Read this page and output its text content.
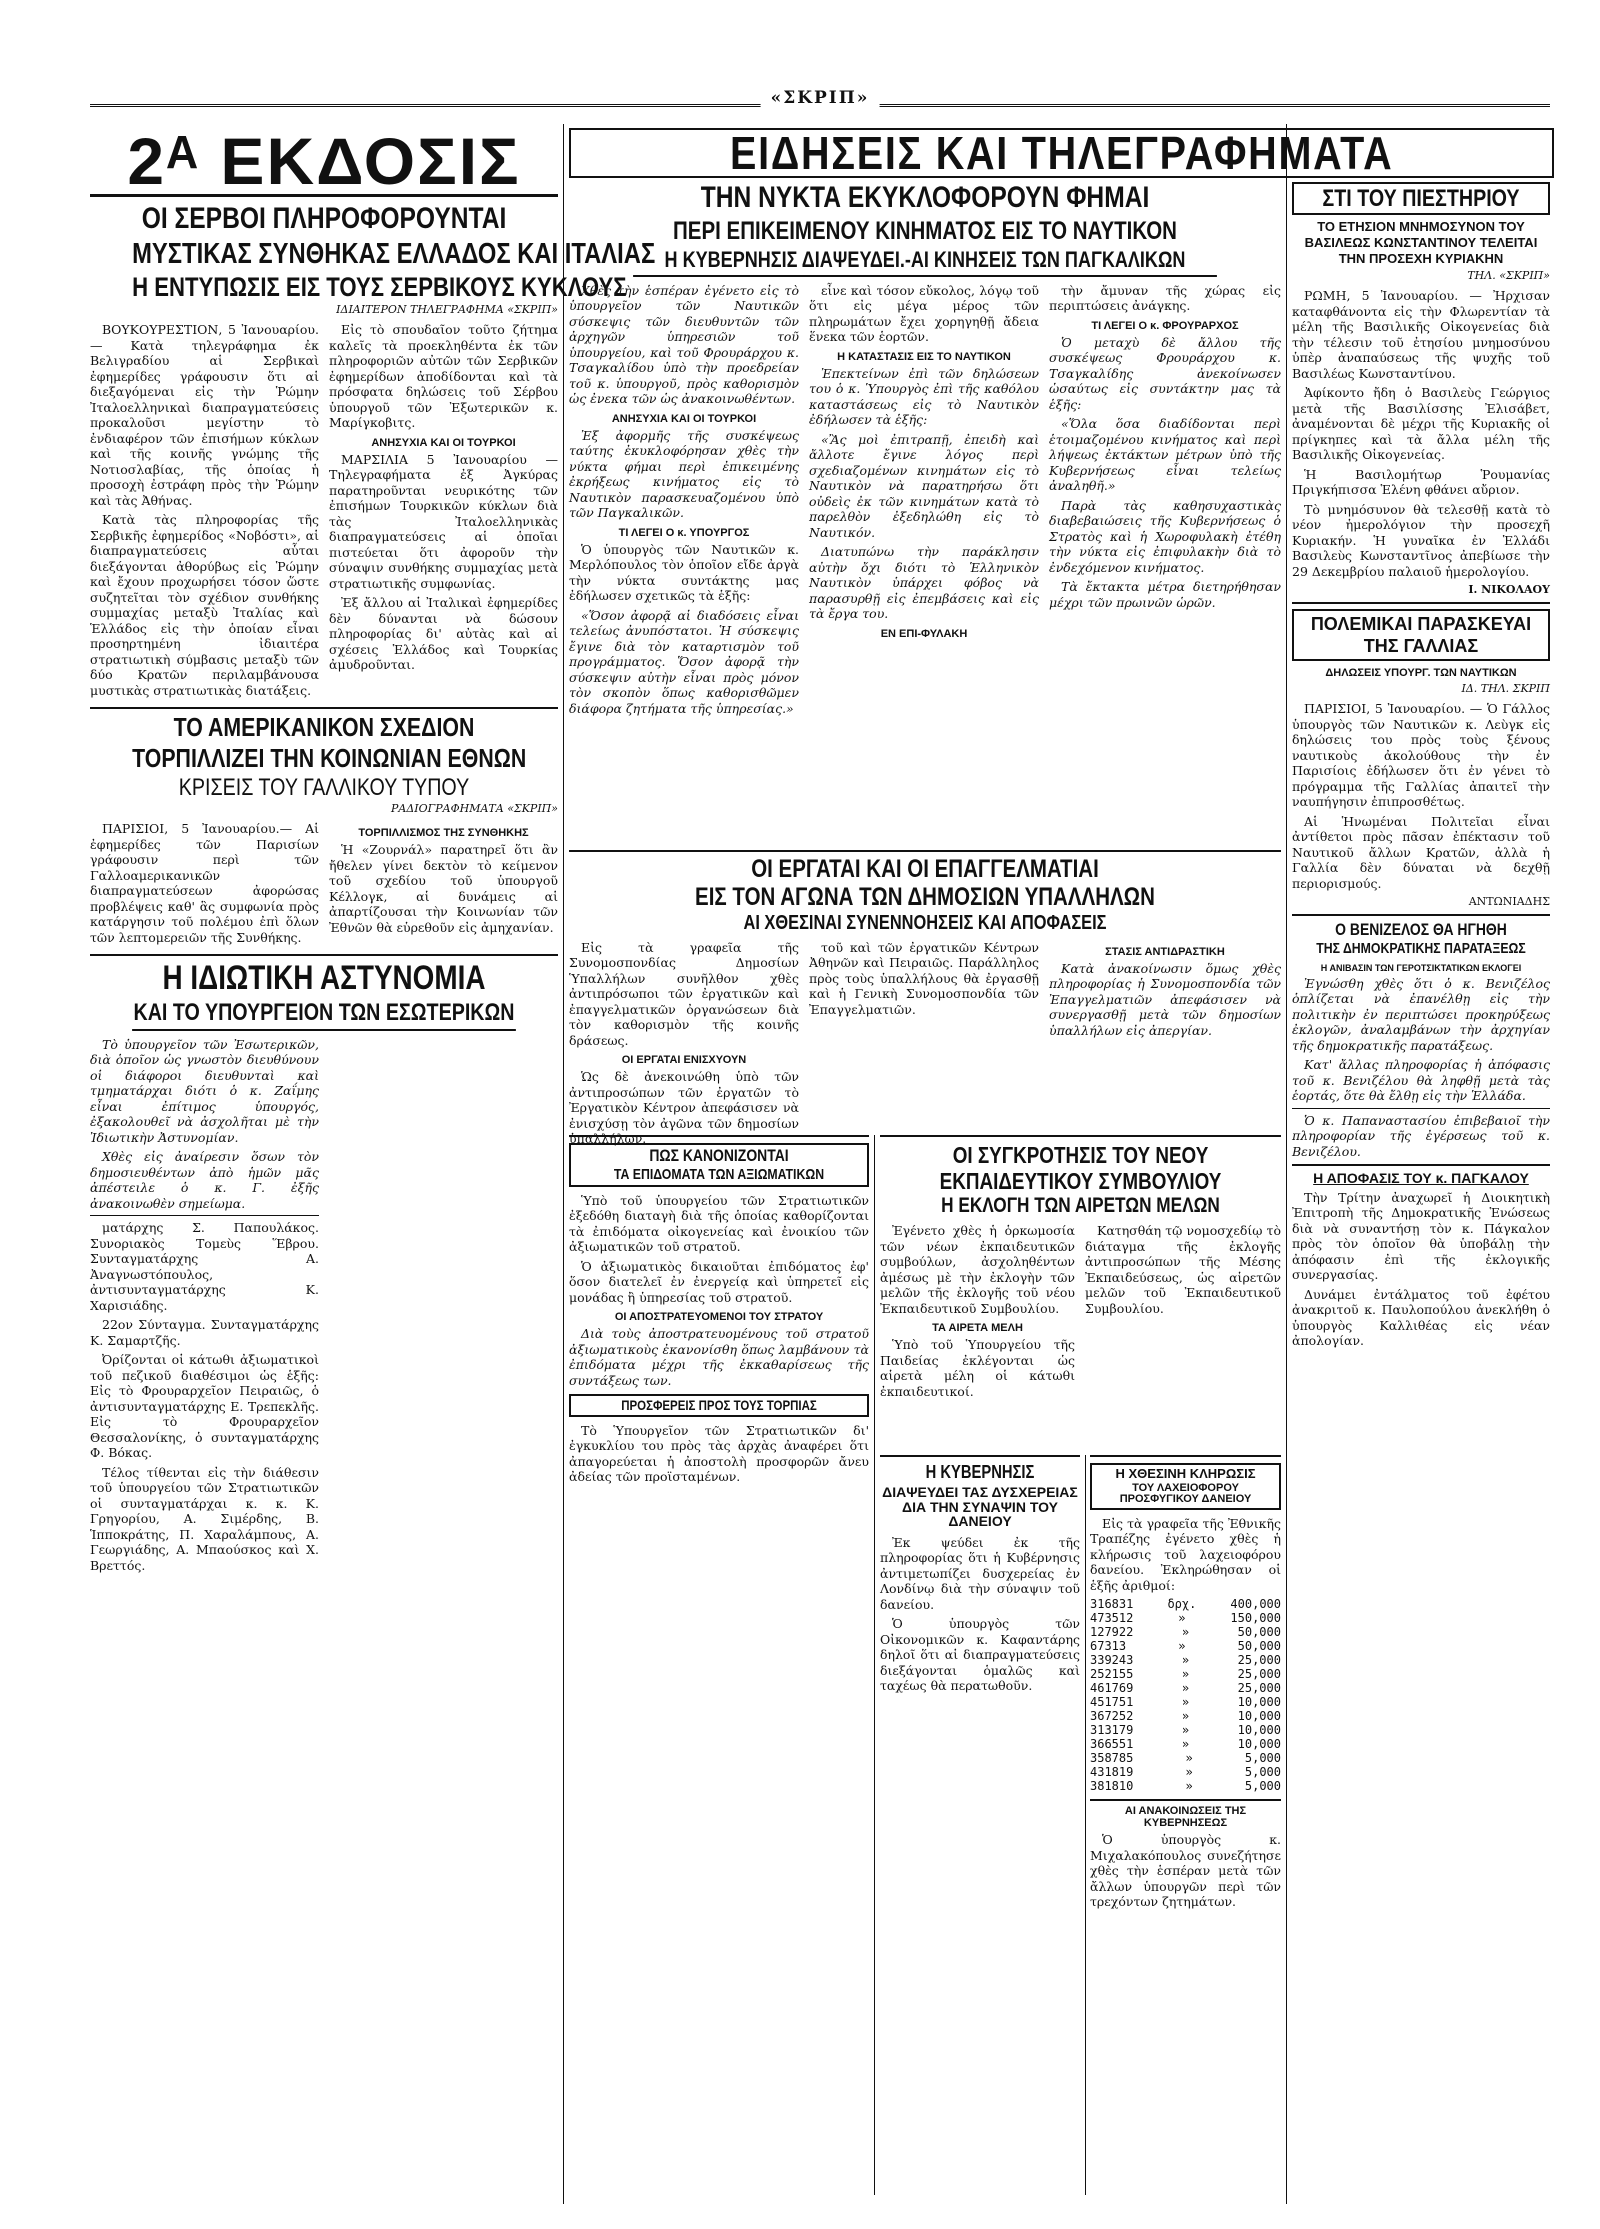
«ΣΚΡΙΠ»
2ᴬ ΕΚΔΟΣΙΣ
ΟΙ ΣΕΡΒΟΙ ΠΛΗΡΟΦΟΡΟΥΝΤΑΙ
ΜΥΣΤΙΚΑΣ ΣΥΝΘΗΚΑΣ ΕΛΛΑΔΟΣ ΚΑΙ ΙΤΑΛΙΑΣ
Η ΕΝΤΥΠΩΣΙΣ ΕΙΣ ΤΟΥΣ ΣΕΡΒΙΚΟΥΣ ΚΥΚΛΟΥΣ
ΙΔΙΑΙΤΕΡΟΝ ΤΗΛΕΓΡΑΦΗΜΑ «ΣΚΡΙΠ»

ΒΟΥΚΟΥΡΕΣΤΙΟΝ, 5 Ἰανουαρίου. — Κατὰ τηλεγράφημα ἐκ Βελιγραδίου αἱ Σερβικαὶ ἐφημερίδες γράφουσιν ὅτι αἱ διεξαγόμεναι εἰς τὴν Ῥώμην Ἰταλοελληνικαὶ διαπραγματεύσεις προκαλοῦσι μεγίστην τὸ ἐνδιαφέρον τῶν ἐπισήμων κύκλων καὶ τῆς κοινῆς γνώμης τῆς Νοτιοσλαβίας, τῆς ὁποίας ἡ προσοχὴ ἐστράφη πρὸς τὴν Ῥώμην καὶ τὰς Ἀθήνας.

Κατὰ τὰς πληροφορίας τῆς Σερβικῆς ἐφημερίδος «Νοβόστι», αἱ διαπραγματεύσεις αὗται διεξάγονται ἀθορύβως εἰς Ῥώμην καὶ ἔχουν προχωρήσει τόσον ὥστε συζητεῖται τὸν σχέδιον συνθήκης συμμαχίας μεταξὺ Ἰταλίας καὶ Ἑλλάδος εἰς τὴν ὁποίαν εἶναι προσηρτημένη ἰδιαιτέρα στρατιωτικὴ σύμβασις μεταξὺ τῶν δύο Κρατῶν περιλαμβάνουσα μυστικὰς στρατιωτικὰς διατάξεις.

Εἰς τὸ σπουδαῖον τοῦτο ζήτημα καλεῖς τὰ προεκληθέντα ἐκ τῶν πληροφοριῶν αὐτῶν τῶν Σερβικῶν ἐφημερίδων ἀποδίδονται καὶ τὰ πρόσφατα δηλώσεις τοῦ Σέρβου ὑπουργοῦ τῶν Ἐξωτερικῶν κ. Μαρίγκοβιτς.

ΑΝΗΣΥΧΙΑ ΚΑΙ ΟΙ ΤΟΥΡΚΟΙ

ΜΑΡΣΙΛΙΑ 5 Ἰανουαρίου — Τηλεγραφήματα ἐξ Ἀγκύρας παρατηροῦνται νευρικότης τῶν ἐπισήμων Τουρκικῶν κύκλων διὰ τὰς Ἰταλοελληνικὰς διαπραγματεύσεις αἱ ὁποῖαι πιστεύεται ὅτι ἀφοροῦν τὴν σύναψιν συνθήκης συμμαχίας μετὰ στρατιωτικῆς συμφωνίας.

Ἐξ ἄλλου αἱ Ἰταλικαὶ ἐφημερίδες δὲν δύνανται νὰ δώσουν πληροφορίας δι' αὐτὰς καὶ αἱ σχέσεις Ἑλλάδος καὶ Τουρκίας ἀμυδροῦνται.

ΤΟ ΑΜΕΡΙΚΑΝΙΚΟΝ ΣΧΕΔΙΟΝ
ΤΟΡΠΙΛΛΙΖΕΙ ΤΗΝ ΚΟΙΝΩΝΙΑΝ ΕΘΝΩΝ
ΚΡΙΣΕΙΣ ΤΟΥ ΓΑΛΛΙΚΟΥ ΤΥΠΟΥ
ΡΑΔΙΟΓΡΑΦΗΜΑΤΑ «ΣΚΡΙΠ»

ΠΑΡΙΣΙΟΙ, 5 Ἰανουαρίου.— Αἱ ἐφημερίδες τῶν Παρισίων γράφουσιν περὶ τῶν Γαλλοαμερικανικῶν διαπραγματεύσεων ἀφορώσας προβλέψεις καθ' ἃς συμφωνία πρὸς κατάργησιν τοῦ πολέμου ἐπὶ ὅλων τῶν λεπτομερειῶν τῆς Συνθήκης.

ΤΟΡΠΙΛΛΙΣΜΟΣ ΤΗΣ ΣΥΝΘΗΚΗΣ

Ἡ «Ζουρνάλ» παρατηρεῖ ὅτι ἂν ἤθελεν γίνει δεκτὸν τὸ κείμενον τοῦ σχεδίου τοῦ ὑπουργοῦ Κέλλογκ, αἱ δυνάμεις αἱ ἀπαρτίζουσαι τὴν Κοινωνίαν τῶν Ἐθνῶν θὰ εὑρεθοῦν εἰς ἀμηχανίαν.

Η ΙΔΙΩΤΙΚΗ ΑΣΤΥΝΟΜΙΑ
ΚΑΙ ΤΟ ΥΠΟΥΡΓΕΙΟΝ ΤΩΝ ΕΣΩΤΕΡΙΚΩΝ

Τὸ ὑπουργεῖον τῶν Ἐσωτερικῶν, διὰ ὁποῖον ὡς γνωστὸν διευθύνουν οἱ διάφοροι διευθυνταὶ καὶ τμηματάρχαι διότι ὁ κ. Ζαΐμης εἶναι ἐπίτιμος ὑπουργός, ἐξακολουθεῖ νὰ ἀσχολῆται μὲ τὴν Ἰδιωτικὴν Ἀστυνομίαν.

Χθὲς εἰς ἀναίρεσιν ὅσων τὸν δημοσιευθέντων ἀπὸ ἡμῶν μᾶς ἀπέστειλε ὁ κ. Γ. ἐξῆς ἀνακοινωθὲν σημείωμα.

ματάρχης Σ. Παπουλάκος. Συνοριακὸς Τομεὺς Ἕβρου. Συνταγματάρχης Α. Ἀναγνωστόπουλος, ἀντισυνταγματάρχης Κ. Χαρισιάδης.

22ον Σύνταγμα. Συνταγματάρχης Κ. Σαμαρτζῆς.

Ὀρίζονται οἱ κάτωθι ἀξιωματικοὶ τοῦ πεζικοῦ διαθέσιμοι ὡς ἑξῆς: Εἰς τὸ Φρουραρχεῖον Πειραιῶς, ὁ ἀντισυνταγματάρχης Ε. Τρεπεκλῆς. Εἰς τὸ Φρουραρχεῖον Θεσσαλονίκης, ὁ συνταγματάρχης Φ. Βόκας.

Τέλος τίθενται εἰς τὴν διάθεσιν τοῦ ὑπουργείου τῶν Στρατιωτικῶν οἱ συνταγματάρχαι κ. κ. Κ. Γρηγορίου, Α. Σιμέρδης, Β. Ἱπποκράτης, Π. Χαραλάμπους, Α. Γεωργιάδης, Α. Μπαούσκος καὶ Χ. Βρεττός.

ΕΙΔΗΣΕΙΣ ΚΑΙ ΤΗΛΕΓΡΑΦΗΜΑΤΑ
ΤΗΝ ΝΥΚΤΑ ΕΚΥΚΛΟΦΟΡΟΥΝ ΦΗΜΑΙ
ΠΕΡΙ ΕΠΙΚΕΙΜΕΝΟΥ ΚΙΝΗΜΑΤΟΣ ΕΙΣ ΤΟ ΝΑΥΤΙΚΟΝ
Η ΚΥΒΕΡΝΗΣΙΣ ΔΙΑΨΕΥΔΕΙ.-ΑΙ ΚΙΝΗΣΕΙΣ ΤΩΝ ΠΑΓΚΑΛΙΚΩΝ

Χθὲς τὴν ἑσπέραν ἐγένετο εἰς τὸ ὑπουργεῖον τῶν Ναυτικῶν σύσκεψις τῶν διευθυντῶν τῶν ἀρχηγῶν ὑπηρεσιῶν τοῦ ὑπουργείου, καὶ τοῦ Φρουράρχου κ. Τσαγκαλίδου ὑπὸ τὴν προεδρείαν τοῦ κ. ὑπουργοῦ, πρὸς καθορισμὸν ὡς ἐνεκα τῶν ὡς ἀνακοινωθέντων.

ΑΝΗΣΥΧΙΑ ΚΑΙ ΟΙ ΤΟΥΡΚΟΙ

Ἐξ ἀφορμῆς τῆς συσκέψεως ταύτης ἐκυκλοφόρησαν χθὲς τὴν νύκτα φήμαι περὶ ἐπικειμένης ἐκρήξεως κινήματος εἰς τὸ Ναυτικὸν παρασκευαζομένου ὑπὸ τῶν Παγκαλικῶν.

ΤΙ ΛΕΓΕΙ Ο κ. ΥΠΟΥΡΓΟΣ

Ὁ ὑπουργὸς τῶν Ναυτικῶν κ. Μερλόπουλος τὸν ὁποῖον εἴδε ἀργὰ τὴν νύκτα συντάκτης μας ἐδήλωσεν σχετικῶς τὰ ἑξῆς:

«Ὅσον ἀφορᾷ αἱ διαδόσεις εἶναι τελείως ἀνυπόστατοι. Ἡ σύσκεψις ἔγινε διὰ τὸν καταρτισμὸν τοῦ προγράμματος. Ὅσον ἀφορᾷ τὴν σύσκεψιν αὐτὴν εἶναι πρὸς μόνον τὸν σκοπὸν ὅπως καθορισθῶμεν διάφορα ζητήματα τῆς ὑπηρεσίας.»

εἶνε καὶ τόσον εὔκολος, λόγῳ τοῦ ὅτι εἰς μέγα μέρος τῶν πληρωμάτων ἔχει χορηγηθῇ ἄδεια ἕνεκα τῶν ἑορτῶν.

Η ΚΑΤΑΣΤΑΣΙΣ ΕΙΣ ΤΟ ΝΑΥΤΙΚΟΝ

Ἐπεκτείνων ἐπὶ τῶν δηλώσεων του ὁ κ. Ὑπουργὸς ἐπὶ τῆς καθόλου καταστάσεως εἰς τὸ Ναυτικὸν ἐδήλωσεν τὰ ἑξῆς:

«Ἂς μοὶ ἐπιτραπῇ, ἐπειδὴ καὶ ἄλλοτε ἔγινε λόγος περὶ σχεδιαζομένων κινημάτων εἰς τὸ Ναυτικὸν νὰ παρατηρήσω ὅτι οὐδεὶς ἐκ τῶν κινημάτων κατὰ τὸ παρελθὸν ἐξεδηλώθη εἰς τὸ Ναυτικόν.

Διατυπώνω τὴν παράκλησιν αὐτὴν ὄχι διότι τὸ Ἑλληνικὸν Ναυτικὸν ὑπάρχει φόβος νὰ παρασυρθῇ εἰς ἐπεμβάσεις καὶ εἰς τὰ ἔργα του.

ΕΝ ΕΠΙ-ΦΥΛΑΚΗ

τὴν ἄμυναν τῆς χώρας εἰς περιπτώσεις ἀνάγκης.

ΤΙ ΛΕΓΕΙ Ο κ. ΦΡΟΥΡΑΡΧΟΣ

Ὁ μεταχὺ δὲ ἄλλου τῆς συσκέψεως Φρουράρχου κ. Τσαγκαλίδης ἀνεκοίνωσεν ὡσαύτως εἰς συντάκτην μας τὰ ἑξῆς:

«Ὅλα ὅσα διαδίδονται περὶ ἑτοιμαζομένου κινήματος καὶ περὶ λήψεως ἐκτάκτων μέτρων ὑπὸ τῆς Κυβερνήσεως εἶναι τελείως ἀναληθῆ.»

Παρὰ τὰς καθησυχαστικὰς διαβεβαιώσεις τῆς Κυβερνήσεως ὁ Στρατὸς καὶ ἡ Χωροφυλακὴ ἐτέθη τὴν νύκτα εἰς ἐπιφυλακὴν διὰ τὸ ἐνδεχόμενον κινήματος.

Τὰ ἔκτακτα μέτρα διετηρήθησαν μέχρι τῶν πρωινῶν ὡρῶν.

ΟΙ ΕΡΓΑΤΑΙ ΚΑΙ ΟΙ ΕΠΑΓΓΕΛΜΑΤΙΑΙ
ΕΙΣ ΤΟΝ ΑΓΩΝΑ ΤΩΝ ΔΗΜΟΣΙΩΝ ΥΠΑΛΛΗΛΩΝ
ΑΙ ΧΘΕΣΙΝΑΙ ΣΥΝΕΝΝΟΗΣΕΙΣ ΚΑΙ ΑΠΟΦΑΣΕΙΣ

Εἰς τὰ γραφεῖα τῆς Συνομοσπονδίας Δημοσίων Ὑπαλλήλων συνῆλθον χθὲς ἀντιπρόσωποι τῶν ἐργατικῶν καὶ ἐπαγγελματικῶν ὀργανώσεων διὰ τὸν καθορισμὸν τῆς κοινῆς δράσεως.

ΟΙ ΕΡΓΑΤΑΙ ΕΝΙΣΧΥΟΥΝ

Ὡς δὲ ἀνεκοινώθη ὑπὸ τῶν ἀντιπροσώπων τῶν ἐργατῶν τὸ Ἐργατικὸν Κέντρον ἀπεφάσισεν νὰ ἐνισχύσῃ τὸν ἀγῶνα τῶν δημοσίων ὑπαλλήλων.

τοῦ καὶ τῶν ἐργατικῶν Κέντρων Ἀθηνῶν καὶ Πειραιῶς. Παράλληλος πρὸς τοὺς ὑπαλλήλους θὰ ἐργασθῇ καὶ ἡ Γενικὴ Συνομοσπονδία τῶν Ἐπαγγελματιῶν.

ΣΤΑΣΙΣ ΑΝΤΙΔΡΑΣΤΙΚΗ

Κατὰ ἀνακοίνωσιν ὅμως χθὲς πληροφορίας ἡ Συνομοσπονδία τῶν Ἐπαγγελματιῶν ἀπεφάσισεν νὰ συνεργασθῇ μετὰ τῶν δημοσίων ὑπαλλήλων εἰς ἀπεργίαν.

ΠΩΣ ΚΑΝΟΝΙΖΟΝΤΑΙ
ΤΑ ΕΠΙΔΟΜΑΤΑ ΤΩΝ ΑΞΙΩΜΑΤΙΚΩΝ

Ὑπὸ τοῦ ὑπουργείου τῶν Στρατιωτικῶν ἐξεδόθη διαταγὴ διὰ τῆς ὁποίας καθορίζονται τὰ ἐπιδόματα οἰκογενείας καὶ ἐνοικίου τῶν ἀξιωματικῶν τοῦ στρατοῦ.

Ὁ ἀξιωματικὸς δικαιοῦται ἐπιδόματος ἐφ' ὅσον διατελεῖ ἐν ἐνεργείᾳ καὶ ὑπηρετεῖ εἰς μονάδας ἢ ὑπηρεσίας τοῦ στρατοῦ.

ΟΙ ΑΠΟΣΤΡΑΤΕΥΟΜΕΝΟΙ ΤΟΥ ΣΤΡΑΤΟΥ

Διὰ τοὺς ἀποστρατευομένους τοῦ στρατοῦ ἀξιωματικοὺς ἐκανονίσθη ὅπως λαμβάνουν τὰ ἐπιδόματα μέχρι τῆς ἐκκαθαρίσεως τῆς συντάξεως των.

ΠΡΟΣΦΕΡΕΙΣ ΠΡΟΣ ΤΟΥΣ ΤΟΡΠΙΑΣ

Τὸ Ὑπουργεῖον τῶν Στρατιωτικῶν δι' ἐγκυκλίου του πρὸς τὰς ἀρχὰς ἀναφέρει ὅτι ἀπαγορεύεται ἡ ἀποστολὴ προσφορῶν ἄνευ ἀδείας τῶν προϊσταμένων.

ΟΙ ΣΥΓΚΡΟΤΗΣΙΣ ΤΟΥ ΝΕΟΥ
ΕΚΠΑΙΔΕΥΤΙΚΟΥ ΣΥΜΒΟΥΛΙΟΥ
Η ΕΚΛΟΓΗ ΤΩΝ ΑΙΡΕΤΩΝ ΜΕΛΩΝ

Ἐγένετο χθὲς ἡ ὁρκωμοσία τῶν νέων ἐκπαιδευτικῶν συμβούλων, ἀσχοληθέντων ἀμέσως μὲ τὴν ἐκλογὴν τῶν μελῶν τῆς ἐκλογῆς τοῦ νέου Ἐκπαιδευτικοῦ Συμβουλίου.

ΤΑ ΑΙΡΕΤΑ ΜΕΛΗ

Ὑπὸ τοῦ Ὑπουργείου τῆς Παιδείας ἐκλέγονται ὡς αἱρετὰ μέλη οἱ κάτωθι ἐκπαιδευτικοί.

Κατησθάη τῷ νομοσχεδίῳ τὸ διάταγμα τῆς ἐκλογῆς ἀντιπροσώπων τῆς Μέσης Ἐκπαιδεύσεως, ὡς αἱρετῶν μελῶν τοῦ Ἐκπαιδευτικοῦ Συμβουλίου.

Η ΚΥΒΕΡΝΗΣΙΣ
ΔΙΑΨΕΥΔΕΙ ΤΑΣ ΔΥΣΧΕΡΕΙΑΣ ΔΙΑ ΤΗΝ ΣΥΝΑΨΙΝ ΤΟΥ ΔΑΝΕΙΟΥ

Ἐκ ψεύδει ἐκ τῆς πληροφορίας ὅτι ἡ Κυβέρνησις ἀντιμετωπίζει δυσχερείας ἐν Λονδίνῳ διὰ τὴν σύναψιν τοῦ δανείου.

Ὁ ὑπουργὸς τῶν Οἰκονομικῶν κ. Καφαντάρης δηλοῖ ὅτι αἱ διαπραγματεύσεις διεξάγονται ὁμαλῶς καὶ ταχέως θὰ περατωθοῦν.

Η ΧΘΕΣΙΝΗ ΚΛΗΡΩΣΙΣ
ΤΟΥ ΛΑΧΕΙΟΦΟΡΟΥ ΠΡΟΣΦΥΓΙΚΟΥ ΔΑΝΕΙΟΥ

Εἰς τὰ γραφεῖα τῆς Ἐθνικῆς Τραπέζης ἐγένετο χθὲς ἡ κλήρωσις τοῦ λαχειοφόρου δανείου. Ἐκληρώθησαν οἱ ἑξῆς ἀριθμοί:

316831	δρχ.	400,000
473512	»	150,000
127922	»	50,000
67313	»	50,000
339243	»	25,000
252155	»	25,000
461769	»	25,000
451751	»	10,000
367252	»	10,000
313179	»	10,000
366551	»	10,000
358785	»	5,000
431819	»	5,000
381810	»	5,000
ΑΙ ΑΝΑΚΟΙΝΩΣΕΙΣ ΤΗΣ ΚΥΒΕΡΝΗΣΕΩΣ

Ὁ ὑπουργὸς κ. Μιχαλακόπουλος συνεζήτησε χθὲς τὴν ἑσπέραν μετὰ τῶν ἄλλων ὑπουργῶν περὶ τῶν τρεχόντων ζητημάτων.

ΣΤΙ ΤΟΥ ΠΙΕΣΤΗΡΙΟΥ
ΤΟ ΕΤΗΣΙΟΝ ΜΝΗΜΟΣΥΝΟΝ ΤΟΥ ΒΑΣΙΛΕΩΣ ΚΩΝΣΤΑΝΤΙΝΟΥ ΤΕΛΕΙΤΑΙ ΤΗΝ ΠΡΟΣΕΧΗ ΚΥΡΙΑΚΗΝ
ΤΗΛ. «ΣΚΡΙΠ»

ΡΩΜΗ, 5 Ἰανουαρίου. — Ἠρχισαν καταφθάνοντα εἰς τὴν Φλωρεντίαν τὰ μέλη τῆς Βασιλικῆς Οἰκογενείας διὰ τὴν τέλεσιν τοῦ ἐτησίου μνημοσύνου ὑπὲρ ἀναπαύσεως τῆς ψυχῆς τοῦ Βασιλέως Κωνσταντίνου.

Ἀφίκοντο ἤδη ὁ Βασιλεὺς Γεώργιος μετὰ τῆς Βασιλίσσης Ἐλισάβετ, ἀναμένονται δὲ μέχρι τῆς Κυριακῆς οἱ πρίγκηπες καὶ τὰ ἄλλα μέλη τῆς Βασιλικῆς Οἰκογενείας.

Ἡ Βασιλομήτωρ Ῥουμανίας Πριγκήπισσα Ἑλένη φθάνει αὔριον.

Τὸ μνημόσυνον θὰ τελεσθῇ κατὰ τὸ νέον ἡμερολόγιον τὴν προσεχῆ Κυριακήν. Ἡ γυναῖκα ἐν Ἑλλάδι Βασιλεὺς Κωνσταντῖνος ἀπεβίωσε τὴν 29 Δεκεμβρίου παλαιοῦ ἡμερολογίου.

Ι. ΝΙΚΟΛΑΟΥ
ΠΟΛΕΜΙΚΑΙ ΠΑΡΑΣΚΕΥΑΙ ΤΗΣ ΓΑΛΛΙΑΣ
ΔΗΛΩΣΕΙΣ ΥΠΟΥΡΓ. ΤΩΝ ΝΑΥΤΙΚΩΝ
ΙΔ. ΤΗΛ. ΣΚΡΙΠ

ΠΑΡΙΣΙΟΙ, 5 Ἰανουαρίου. — Ὁ Γάλλος ὑπουργὸς τῶν Ναυτικῶν κ. Λεὺγκ εἰς δηλώσεις του πρὸς τοὺς ξένους ναυτικοὺς ἀκολούθους τὴν ἐν Παρισίοις ἐδήλωσεν ὅτι ἐν γένει τὸ πρόγραμμα τῆς Γαλλίας ἀπαιτεῖ τὴν ναυπήγησιν ἐπιπροσθέτως.

Αἱ Ἡνωμέναι Πολιτεῖαι εἶναι ἀντίθετοι πρὸς πᾶσαν ἐπέκτασιν τοῦ Ναυτικοῦ ἄλλων Κρατῶν, ἀλλὰ ἡ Γαλλία δὲν δύναται νὰ δεχθῇ περιορισμούς.

ΑΝΤΩΝΙΑΔΗΣ
Ο ΒΕΝΙΖΕΛΟΣ ΘΑ ΗΓΗΘΗ
ΤΗΣ ΔΗΜΟΚΡΑΤΙΚΗΣ ΠΑΡΑΤΑΞΕΩΣ
Η ΑΝΙΒΑΣΙΝ ΤΩΝ ΓΕΡΟΤΣΙΚΤΑΤΙΚΩΝ ΕΚΛΟΓΕΙ

Ἐγνώσθη χθὲς ὅτι ὁ κ. Βενιζέλος ὁπλίζεται νὰ ἐπανέλθῃ εἰς τὴν πολιτικὴν ἐν περιπτώσει προκηρύξεως ἐκλογῶν, ἀναλαμβάνων τὴν ἀρχηγίαν τῆς δημοκρατικῆς παρατάξεως.

Κατ' ἄλλας πληροφορίας ἡ ἀπόφασις τοῦ κ. Βενιζέλου θὰ ληφθῇ μετὰ τὰς ἑορτάς, ὅτε θὰ ἔλθῃ εἰς τὴν Ἑλλάδα.

Ὁ κ. Παπαναστασίου ἐπιβεβαιοῖ τὴν πληροφορίαν τῆς ἐγέρσεως τοῦ κ. Βενιζέλου.

Η ΑΠΟΦΑΣΙΣ ΤΟΥ κ. ΠΑΓΚΑΛΟΥ

Τὴν Τρίτην ἀναχωρεῖ ἡ Διοικητικὴ Ἐπιτροπὴ τῆς Δημοκρατικῆς Ἑνώσεως διὰ νὰ συναντήσῃ τὸν κ. Πάγκαλον πρὸς τὸν ὁποῖον θὰ ὑποβάλῃ τὴν ἀπόφασιν ἐπὶ τῆς ἐκλογικῆς συνεργασίας.

Δυνάμει ἐντάλματος τοῦ ἐφέτου ἀνακριτοῦ κ. Παυλοπούλου ἀνεκλήθη ὁ ὑπουργὸς Καλλιθέας εἰς νέαν ἀπολογίαν.
